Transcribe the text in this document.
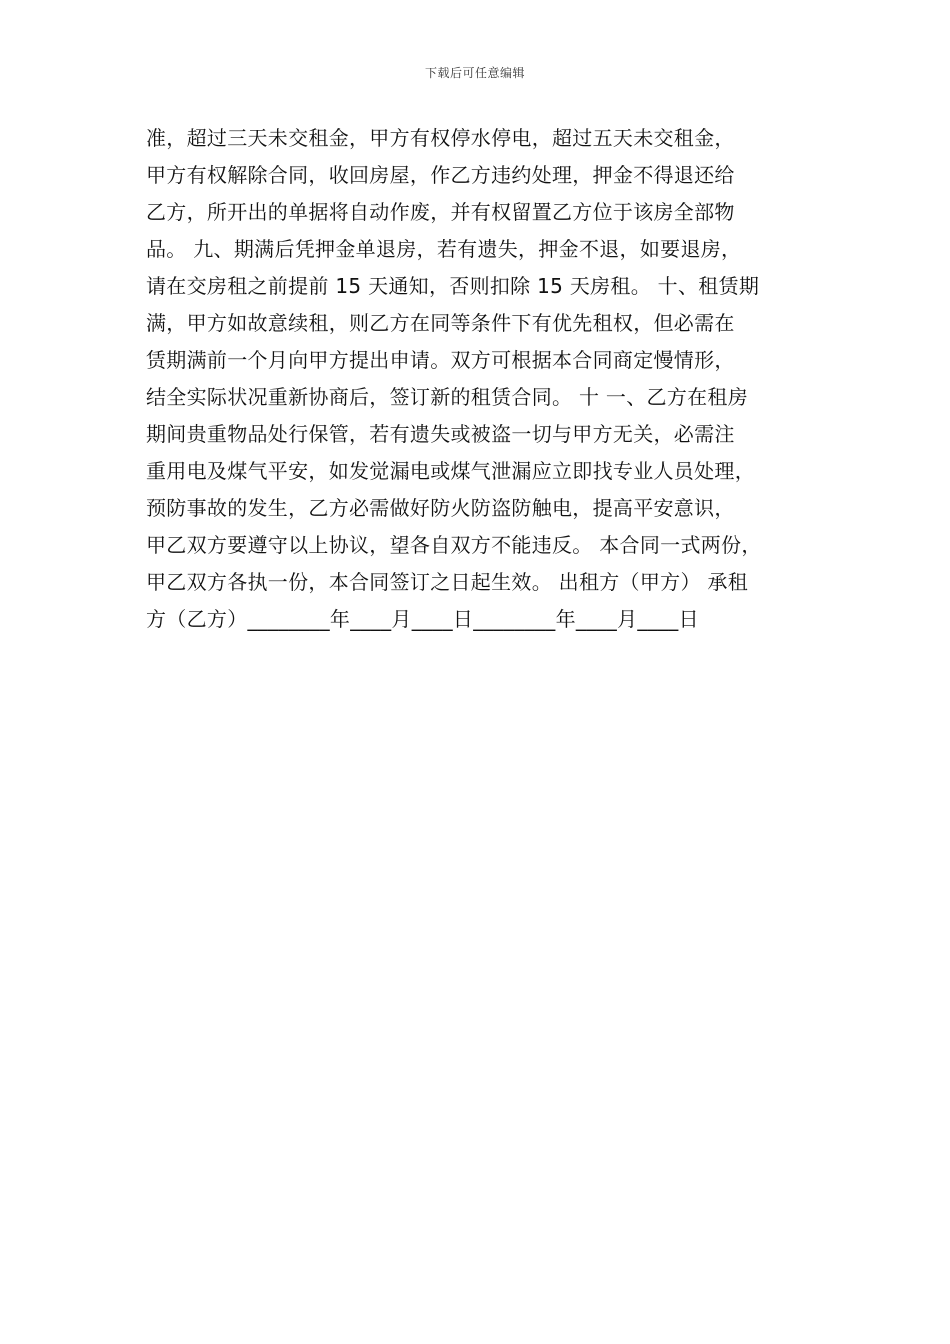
下载后可任意编辑
准，超过三天未交租金，甲方有权停水停电，超过五天未交租金，
甲方有权解除合同，收回房屋，作乙方违约处理，押金不得退还给
乙方，所开出的单据将自动作废，并有权留置乙方位于该房全部物
品。 九、期满后凭押金单退房，若有遗失，押金不退，如要退房，
请在交房租之前提前 15 天通知，否则扣除 15 天房租。 十、租赁期
满，甲方如故意续租，则乙方在同等条件下有优先租权，但必需在
赁期满前一个月向甲方提出申请。双方可根据本合同商定慢情形，
结全实际状况重新协商后，签订新的租赁合同。 十 一、乙方在租房
期间贵重物品处行保管，若有遗失或被盗一切与甲方无关，必需注
重用电及煤气平安，如发觉漏电或煤气泄漏应立即找专业人员处理，
预防事故的发生，乙方必需做好防火防盗防触电，提高平安意识，
甲乙双方要遵守以上协议，望各自双方不能违反。 本合同一式两份，
甲乙双方各执一份，本合同签订之日起生效。 出租方（甲方） 承租
方（乙方）________年____月____日________年____月____日
